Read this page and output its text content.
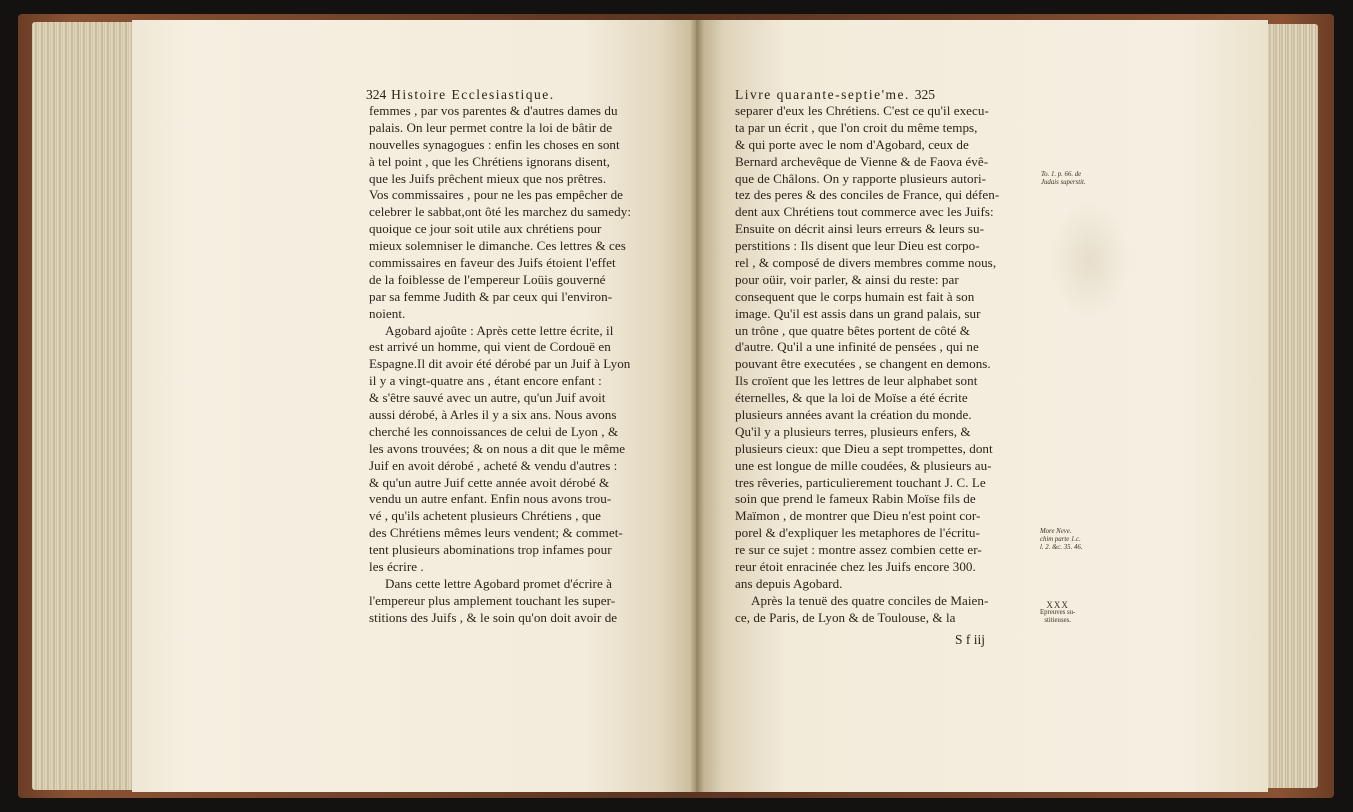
324 Histoire Ecclesiastique.
femmes , par vos parentes & d'autres dames du
palais. On leur permet contre la loi de bâtir de
nouvelles synagogues : enfin les choses en sont
à tel point , que les Chrétiens ignorans disent,
que les Juifs prêchent mieux que nos prêtres.
Vos commissaires , pour ne les pas empêcher de
celebrer le sabbat,ont ôté les marchez du samedy:
quoique ce jour soit utile aux chrétiens pour
mieux solemniser le dimanche. Ces lettres & ces
commissaires en faveur des Juifs étoient l'effet
de la foiblesse de l'empereur Loüis gouverné
par sa femme Judith & par ceux qui l'environ-
noient.
Agobard ajoûte : Après cette lettre écrite, il
est arrivé un homme, qui vient de Cordouë en
Espagne.Il dit avoir été dérobé par un Juif à Lyon
il y a vingt-quatre ans , étant encore enfant :
& s'être sauvé avec un autre, qu'un Juif avoit
aussi dérobé, à Arles il y a six ans. Nous avons
cherché les connoissances de celui de Lyon , &
les avons trouvées; & on nous a dit que le même
Juif en avoit dérobé , acheté & vendu d'autres :
& qu'un autre Juif cette année avoit dérobé &
vendu un autre enfant. Enfin nous avons trou-
vé , qu'ils achetent plusieurs Chrétiens , que
des Chrétiens mêmes leurs vendent; & commet-
tent plusieurs abominations trop infames pour
les écrire .
Dans cette lettre Agobard promet d'écrire à
l'empereur plus amplement touchant les super-
stitions des Juifs , & le soin qu'on doit avoir de
Livre quarante-septie'me. 325
separer d'eux les Chrétiens. C'est ce qu'il execu-
ta par un écrit , que l'on croit du même temps,
& qui porte avec le nom d'Agobard, ceux de
Bernard archevêque de Vienne & de Faova évê-
que de Châlons. On y rapporte plusieurs autori-
tez des peres & des conciles de France, qui défen-
dent aux Chrétiens tout commerce avec les Juifs:
Ensuite on décrit ainsi leurs erreurs & leurs su-
perstitions : Ils disent que leur Dieu est corpo-
rel , & composé de divers membres comme nous,
pour oüir, voir parler, & ainsi du reste: par
consequent que le corps humain est fait à son
image. Qu'il est assis dans un grand palais, sur
un trône , que quatre bêtes portent de côté &
d'autre. Qu'il a une infinité de pensées , qui ne
pouvant être executées , se changent en demons.
Ils croïent que les lettres de leur alphabet sont
éternelles, & que la loi de Moïse a été écrite
plusieurs années avant la création du monde.
Qu'il y a plusieurs terres, plusieurs enfers, &
plusieurs cieux: que Dieu a sept trompettes, dont
une est longue de mille coudées, & plusieurs au-
tres rêveries, particulierement touchant J. C. Le
soin que prend le fameux Rabin Moïse fils de
Maïmon , de montrer que Dieu n'est point cor-
porel & d'expliquer les metaphores de l'écritu-
re sur ce sujet : montre assez combien cette er-
reur étoit enracinée chez les Juifs encore 300.
ans depuis Agobard.
Après la tenuë des quatre conciles de Maien-
ce, de Paris, de Lyon & de Toulouse, & la
To. 1. p. 66. de
Judais superstit.
More Neve.
chim parte 1.c.
l. 2. &c. 35. 46.
XXX
Epreuves su-
stitieuses.
S f iij
